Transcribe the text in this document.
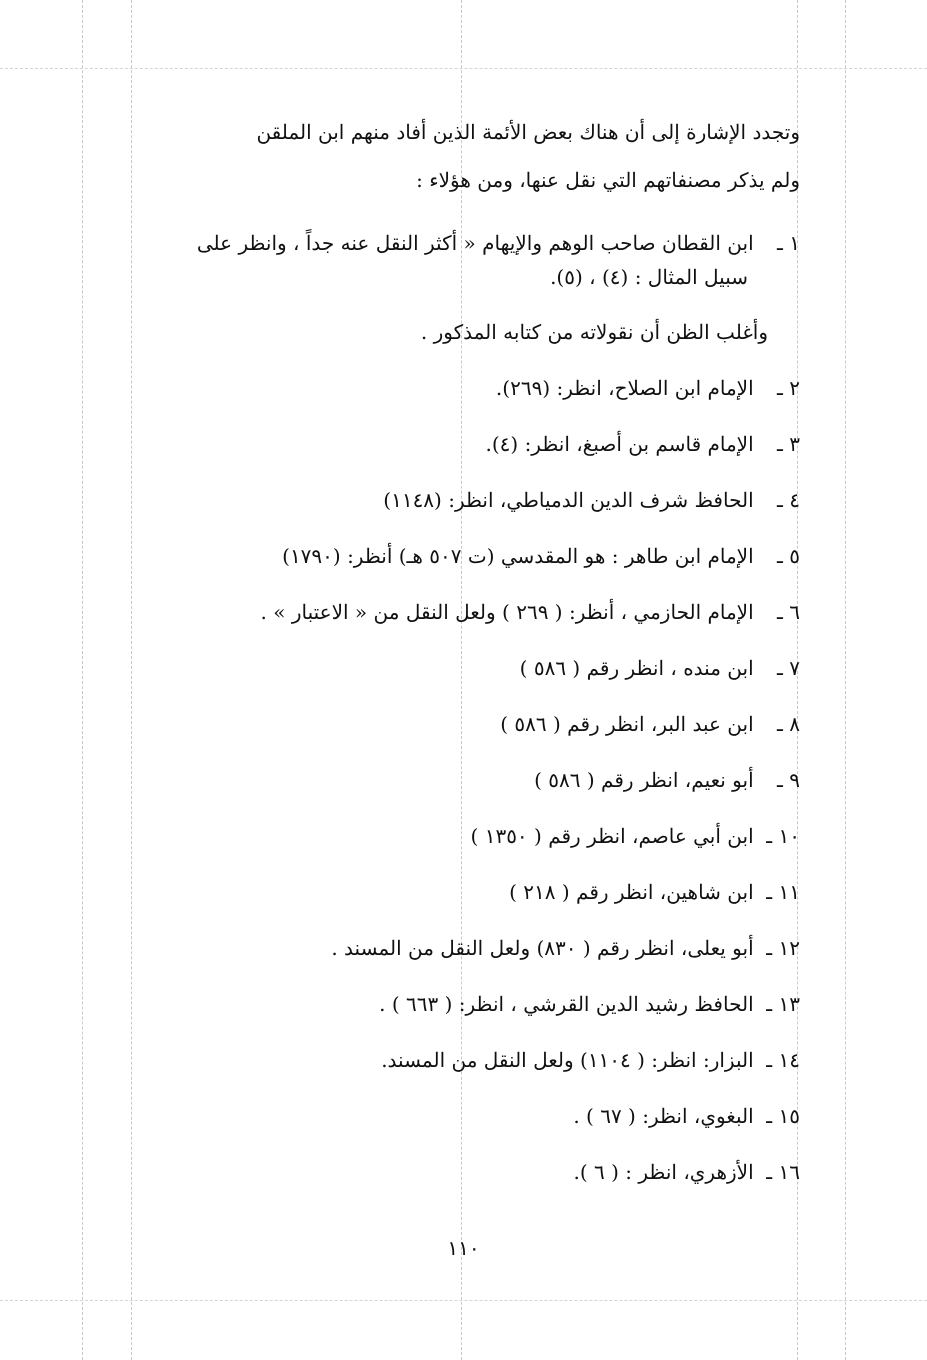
وتجدد الإشارة إلى أن هناك بعض الأئمة الذين أفاد منهم ابن الملقن
ولم يذكر مصنفاتهم التي نقل عنها، ومن هؤلاء :
١ ـ ابن القطان صاحب الوهم والإيهام « أكثر النقل عنه جداً ، وانظر على
سبيل المثال : (٤) ، (٥).
وأغلب الظن أن نقولاته من كتابه المذكور .
٢ ـ

الإمام ابن الصلاح، انظر: (٢٦٩).
٣ ـ

الإمام قاسم بن أصبغ، انظر: (٤).
٤ ـ

الحافظ شرف الدين الدمياطي، انظر: (١١٤٨)
٥ ـ

الإمام ابن طاهر : هو المقدسي (ت ٥٠٧ هـ) أنظر: (١٧٩٠)
٦ ـ

الإمام الحازمي ، أنظر: ( ٢٦٩ ) ولعل النقل من « الاعتبار » .
٧ ـ

ابن منده ، انظر رقم ( ٥٨٦ )
٨ ـ

ابن عبد البر، انظر رقم ( ٥٨٦ )
٩ ـ

أبو نعيم، انظر رقم ( ٥٨٦ )
١٠ ـ

ابن أبي عاصم، انظر رقم ( ١٣٥٠ )
١١ ـ

ابن شاهين، انظر رقم ( ٢١٨ )
١٢ ـ

أبو يعلى، انظر رقم ( ٨٣٠) ولعل النقل من المسند .
١٣ ـ

الحافظ رشيد الدين القرشي ، انظر: ( ٦٦٣ ) .
١٤ ـ

البزار: انظر: ( ١١٠٤) ولعل النقل من المسند.
١٥ ـ

البغوي، انظر: ( ٦٧ ) .
١٦ ـ

الأزهري، انظر : ( ٦ ).
١١٠
